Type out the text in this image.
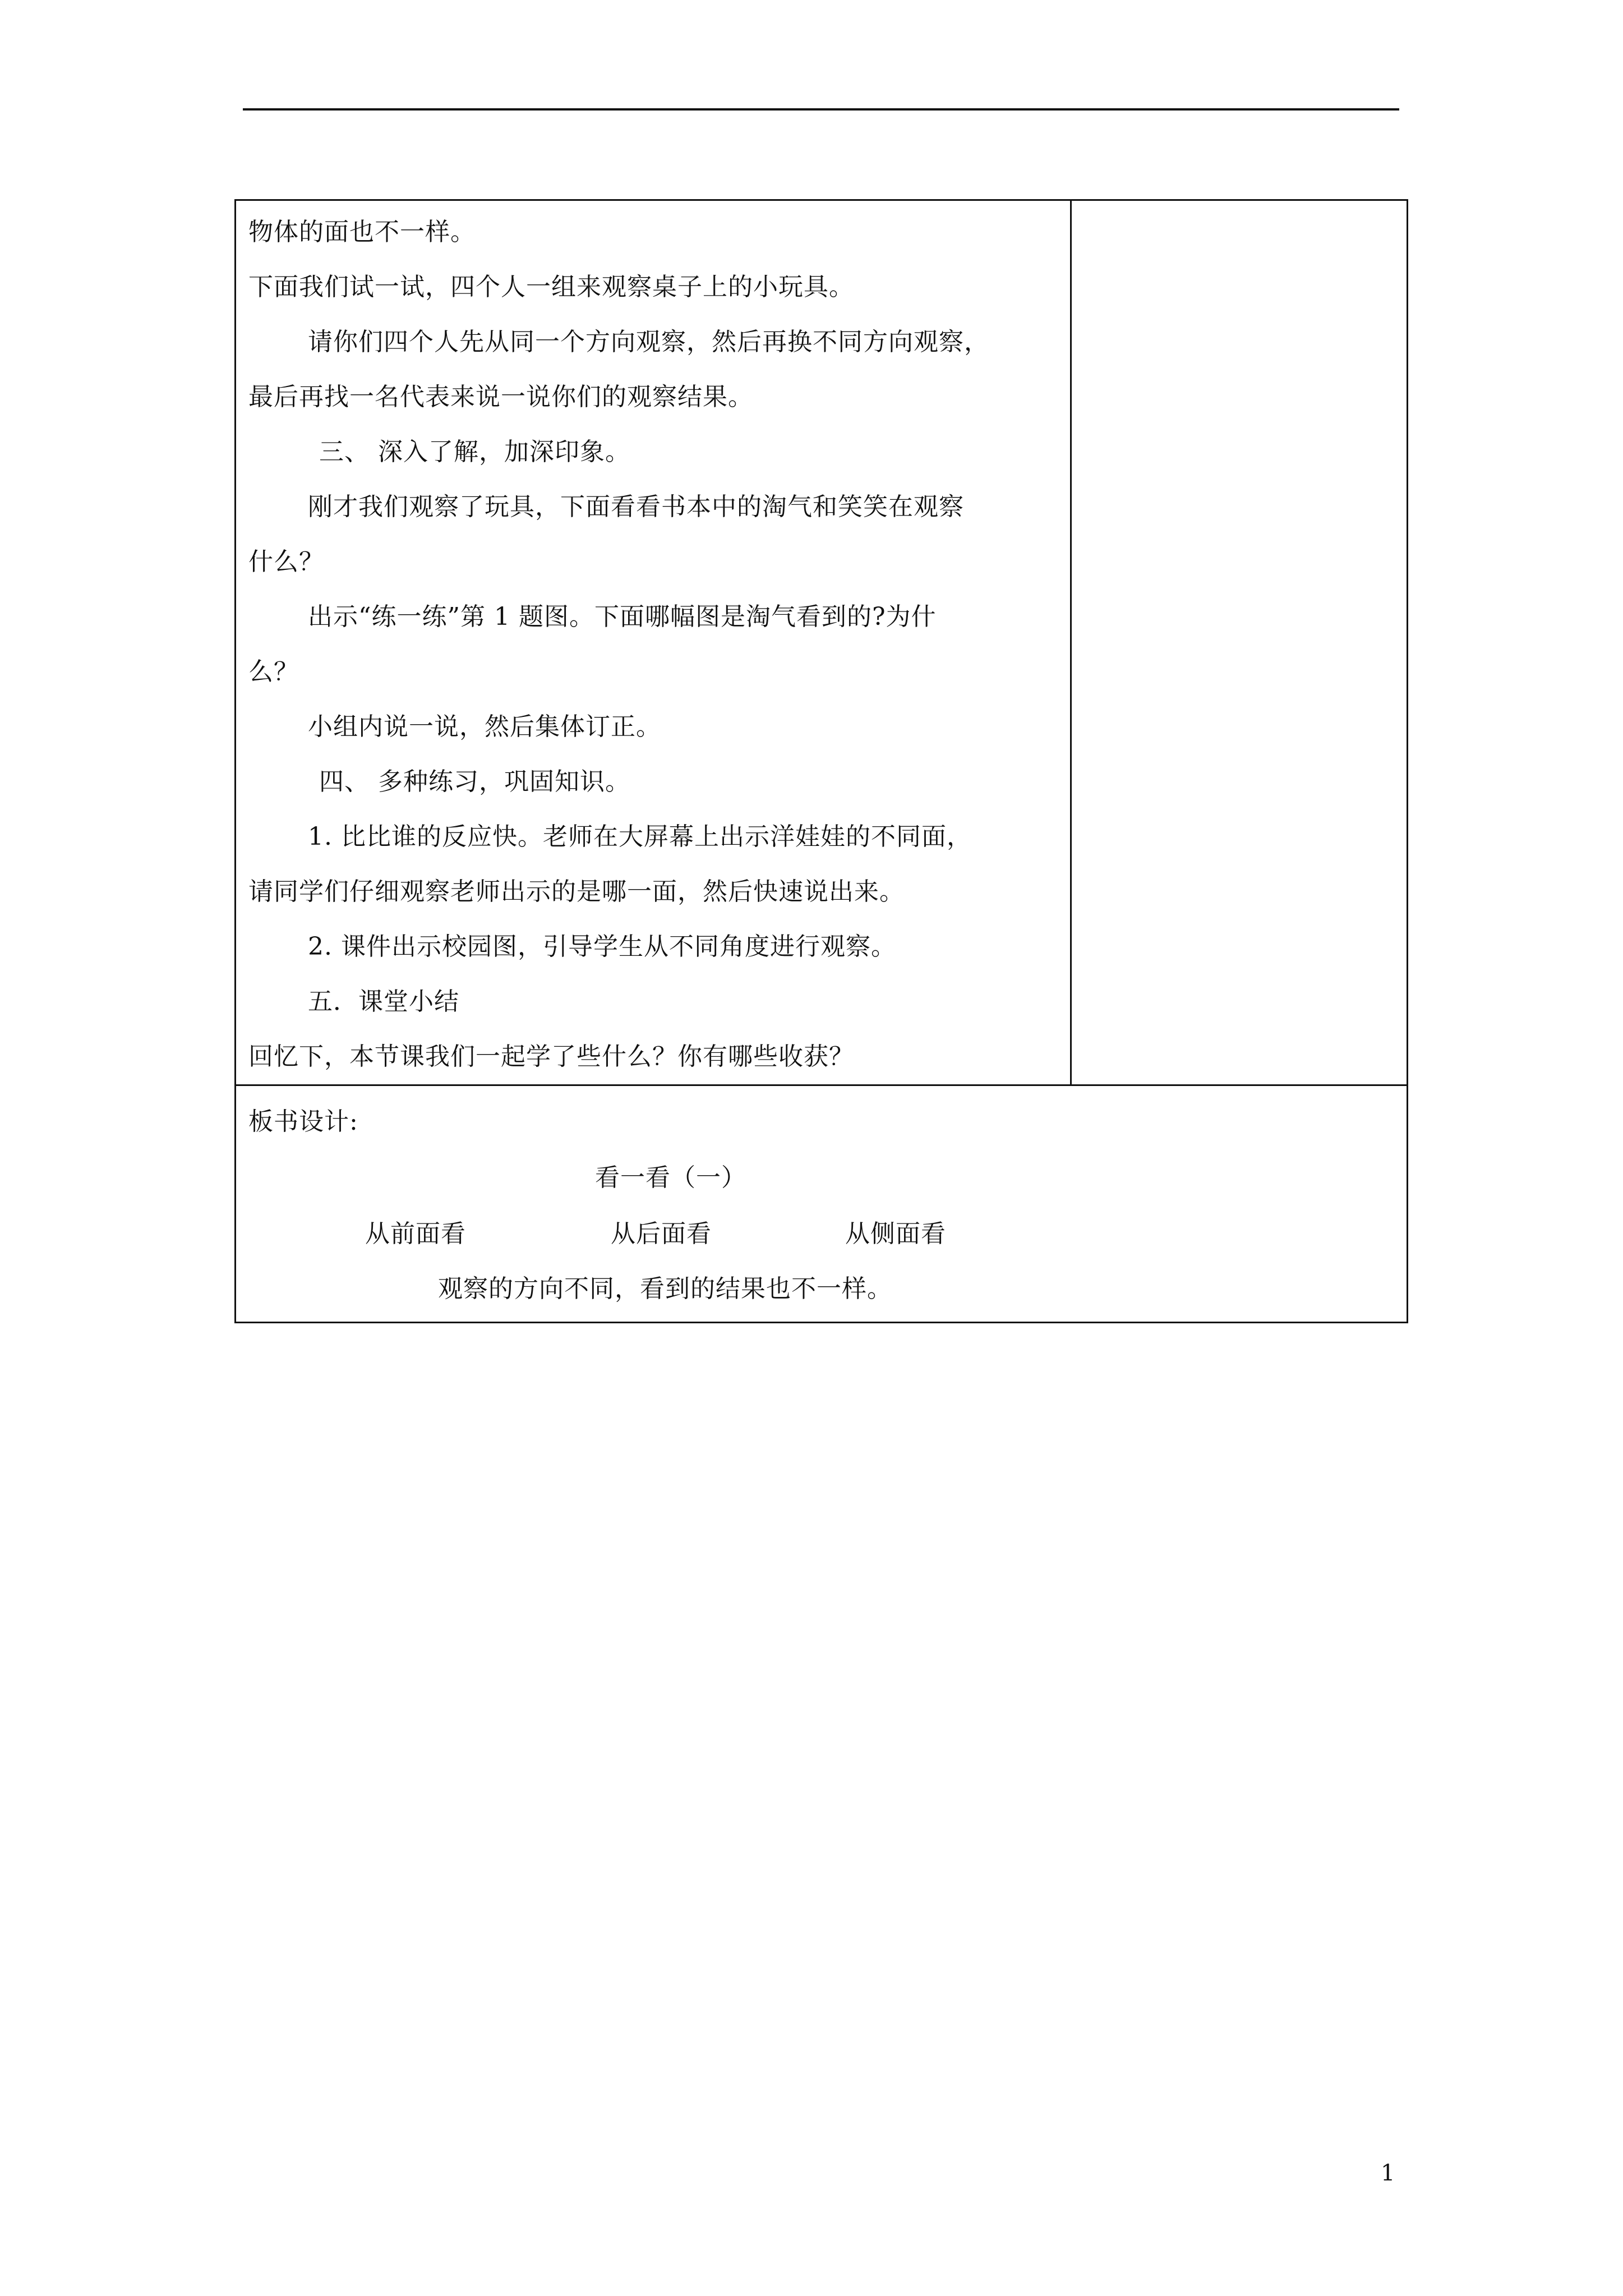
物体的面也不一样。
下面我们试一试，四个人一组来观察桌子上的小玩具。
请你们四个人先从同一个方向观察，然后再换不同方向观察，
最后再找一名代表来说一说你们的观察结果。
三、 深入了解，加深印象。
刚才我们观察了玩具，下面看看书本中的淘气和笑笑在观察
什么？
出示“练一练”第 1 题图。下面哪幅图是淘气看到的?为什
么？
小组内说一说，然后集体订正。
四、 多种练习，巩固知识。
1. 比比谁的反应快。老师在大屏幕上出示洋娃娃的不同面，
请同学们仔细观察老师出示的是哪一面，然后快速说出来。
2. 课件出示校园图，引导学生从不同角度进行观察。
五．课堂小结
回忆下，本节课我们一起学了些什么？你有哪些收获？
板书设计:
看一看（一）
从前面看	从后面看	从侧面看
观察的方向不同，看到的结果也不一样。
1
